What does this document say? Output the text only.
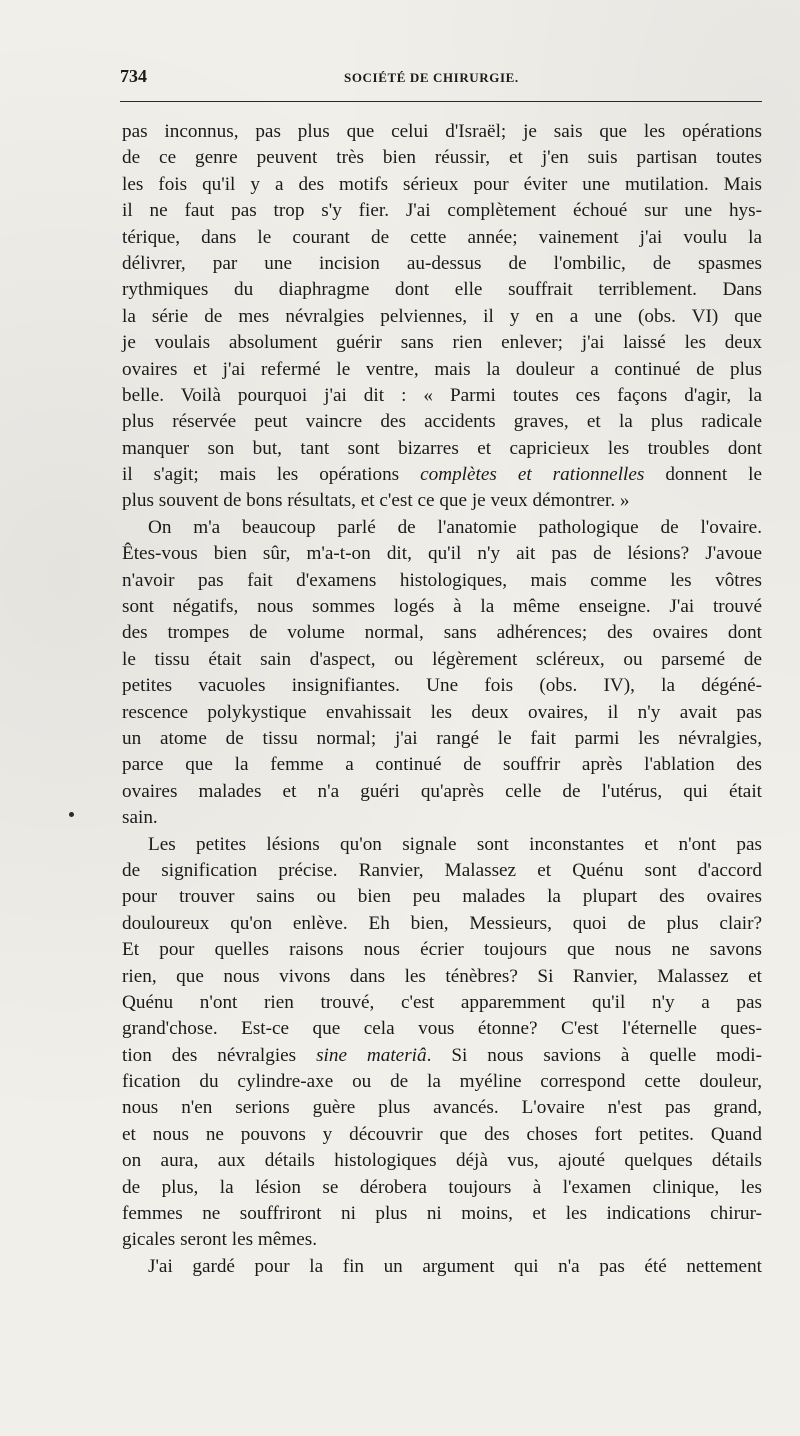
734	SOCIÉTÉ DE CHIRURGIE.
pas inconnus, pas plus que celui d'Israël; je sais que les opérations
de ce genre peuvent très bien réussir, et j'en suis partisan toutes
les fois qu'il y a des motifs sérieux pour éviter une mutilation. Mais
il ne faut pas trop s'y fier. J'ai complètement échoué sur une hys-
térique, dans le courant de cette année; vainement j'ai voulu la
délivrer, par une incision au-dessus de l'ombilic, de spasmes
rythmiques du diaphragme dont elle souffrait terriblement. Dans
la série de mes névralgies pelviennes, il y en a une (obs. VI) que
je voulais absolument guérir sans rien enlever; j'ai laissé les deux
ovaires et j'ai refermé le ventre, mais la douleur a continué de plus
belle. Voilà pourquoi j'ai dit : « Parmi toutes ces façons d'agir, la
plus réservée peut vaincre des accidents graves, et la plus radicale
manquer son but, tant sont bizarres et capricieux les troubles dont
il s'agit; mais les opérations complètes et rationnelles donnent le
plus souvent de bons résultats, et c'est ce que je veux démontrer. »
On m'a beaucoup parlé de l'anatomie pathologique de l'ovaire.
Êtes-vous bien sûr, m'a-t-on dit, qu'il n'y ait pas de lésions? J'avoue
n'avoir pas fait d'examens histologiques, mais comme les vôtres
sont négatifs, nous sommes logés à la même enseigne. J'ai trouvé
des trompes de volume normal, sans adhérences; des ovaires dont
le tissu était sain d'aspect, ou légèrement scléreux, ou parsemé de
petites vacuoles insignifiantes. Une fois (obs. IV), la dégéné-
rescence polykystique envahissait les deux ovaires, il n'y avait pas
un atome de tissu normal; j'ai rangé le fait parmi les névralgies,
parce que la femme a continué de souffrir après l'ablation des
ovaires malades et n'a guéri qu'après celle de l'utérus, qui était
sain.
Les petites lésions qu'on signale sont inconstantes et n'ont pas
de signification précise. Ranvier, Malassez et Quénu sont d'accord
pour trouver sains ou bien peu malades la plupart des ovaires
douloureux qu'on enlève. Eh bien, Messieurs, quoi de plus clair?
Et pour quelles raisons nous écrier toujours que nous ne savons
rien, que nous vivons dans les ténèbres? Si Ranvier, Malassez et
Quénu n'ont rien trouvé, c'est apparemment qu'il n'y a pas
grand'chose. Est-ce que cela vous étonne? C'est l'éternelle ques-
tion des névralgies sine materiâ. Si nous savions à quelle modi-
fication du cylindre-axe ou de la myéline correspond cette douleur,
nous n'en serions guère plus avancés. L'ovaire n'est pas grand,
et nous ne pouvons y découvrir que des choses fort petites. Quand
on aura, aux détails histologiques déjà vus, ajouté quelques détails
de plus, la lésion se dérobera toujours à l'examen clinique, les
femmes ne souffriront ni plus ni moins, et les indications chirur-
gicales seront les mêmes.
J'ai gardé pour la fin un argument qui n'a pas été nettement
